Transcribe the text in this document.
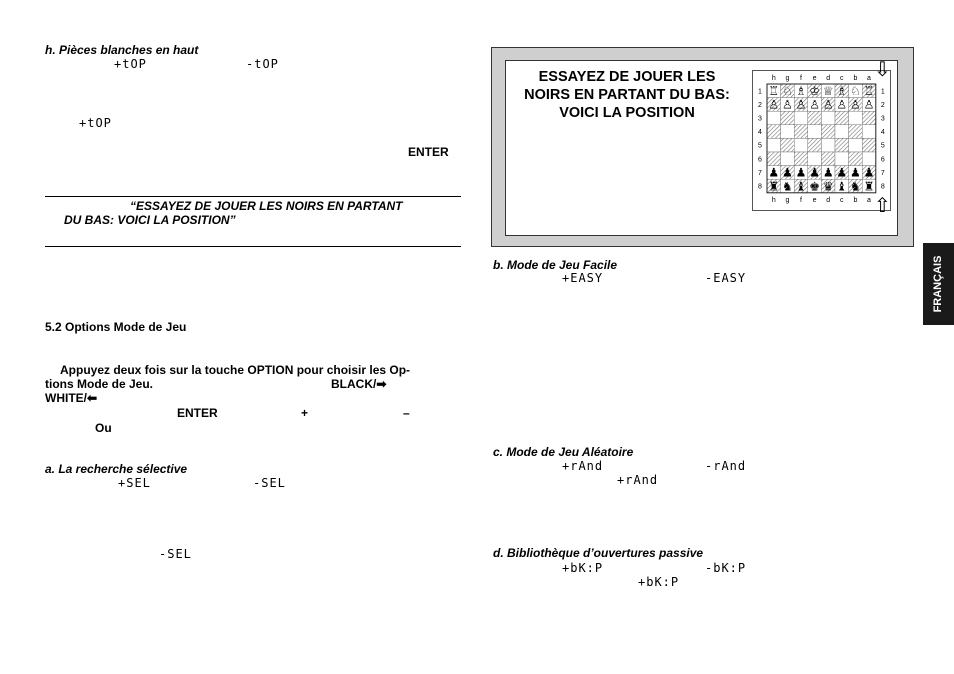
h. Pièces blanches en haut
+tOP	-tOP
+tOP
ENTER
“ESSAYEZ DE JOUER LES NOIRS EN PARTANT
DU BAS: VOICI LA POSITION”
5.2 Options Mode de Jeu
Appuyez deux fois sur la touche OPTION pour choisir les Op-
tions Mode de Jeu.	BLACK/➡
WHITE/⬅
ENTER	+	–
Ou
a. La recherche sélective
+SEL	-SEL
-SEL
ESSAYEZ DE JOUER LES
NOIRS EN PARTANT DU BAS:
VOICI LA POSITION
h
h
g
g
f
f
e
e
d
d
c
c
b
b
a
a
1	1
2	2
3	3
4	4
5	5
6	6
7	7
8	8
♖ ♘ ♗ ♔ ♕ ♗ ♘ ♖
♙ ♙ ♙ ♙ ♙ ♙ ♙ ♙
♟ ♟ ♟ ♟ ♟ ♟ ♟ ♟
♜ ♞ ♝ ♚ ♛ ♝ ♞ ♜
⇩
⇧
b. Mode de Jeu Facile
+EASY	-EASY
c. Mode de Jeu Aléatoire
+rAnd	-rAnd
+rAnd
d. Bibliothèque d’ouvertures passive
+bK:P	-bK:P
+bK:P
FRANÇAIS
